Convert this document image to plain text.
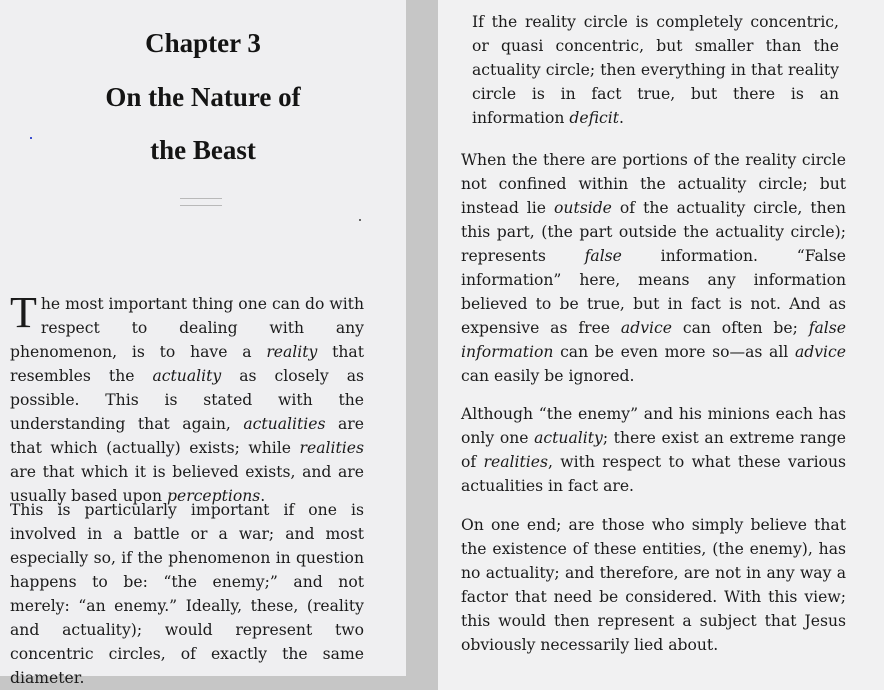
Chapter 3
On the Nature of
the Beast

The most important thing one can do with respect to dealing with any phenomenon, is to have a reality that resembles the actuality as closely as possible. This is stated with the understanding that again, actualities are that which (actually) exists; while realities are that which it is believed exists, and are usually based upon perceptions.

This is particularly important if one is involved in a battle or a war; and most especially so, if the phenomenon in question happens to be: “the enemy;” and not merely: “an enemy.” Ideally, these, (reality and actuality); would represent two concentric circles, of exactly the same diameter.

If the reality circle is completely concentric, or quasi concentric, but smaller than the actuality circle; then everything in that reality circle is in fact true, but there is an information deficit.

When the there are portions of the reality circle not confined within the actuality circle; but instead lie outside of the actuality circle, then this part, (the part outside the actuality circle); represents false information. “False information” here, means any information believed to be true, but in fact is not. And as expensive as free advice can often be; false information can be even more so—as all advice can easily be ignored.

Although “the enemy” and his minions each has only one actuality; there exist an extreme range of realities, with respect to what these various actualities in fact are.

On one end; are those who simply believe that the existence of these entities, (the enemy), has no actuality; and therefore, are not in any way a factor that need be considered. With this view; this would then represent a subject that Jesus obviously necessarily lied about.
